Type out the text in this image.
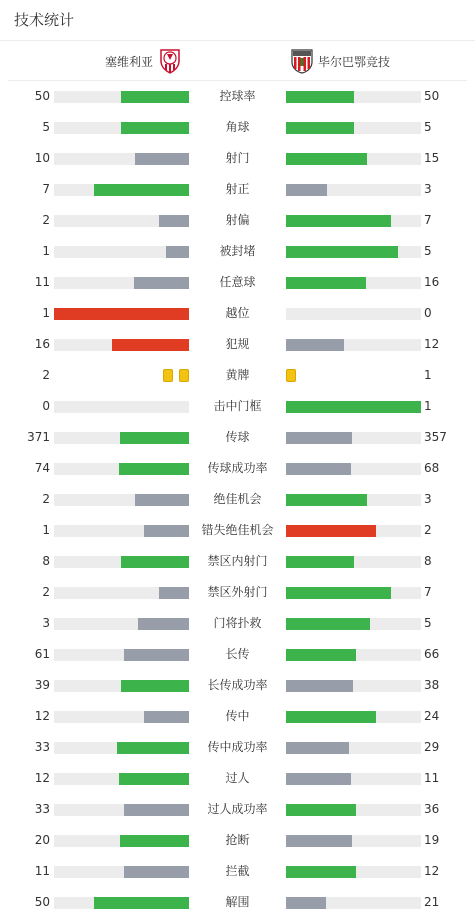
技术统计
塞维利亚	毕尔巴鄂竞技
50	控球率	50
5	角球	5
10	射门	15
7	射正	3
2	射偏	7
1	被封堵	5
11	任意球	16
1	越位	0
16	犯规	12
2	黄牌	1
0	击中门框	1
371	传球	357
74	传球成功率	68
2	绝佳机会	3
1	错失绝佳机会	2
8	禁区内射门	8
2	禁区外射门	7
3	门将扑救	5
61	长传	66
39	长传成功率	38
12	传中	24
33	传中成功率	29
12	过人	11
33	过人成功率	36
20	抢断	19
11	拦截	12
50	解围	21
